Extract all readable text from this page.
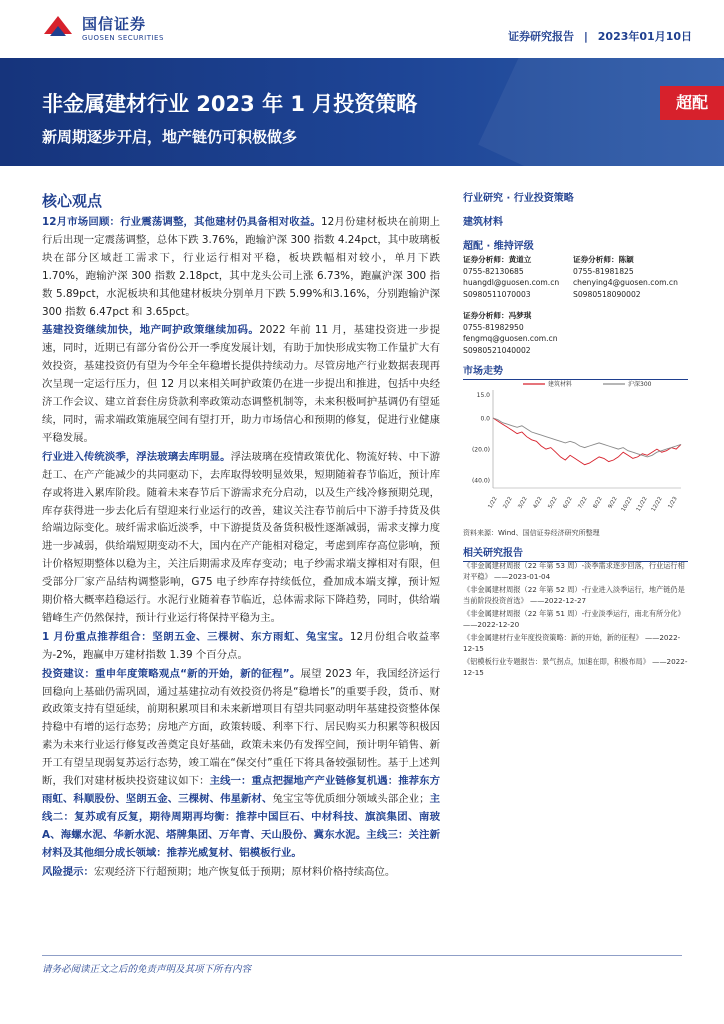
国信证券
GUOSEN SECURITIES	证券研究报告 | 2023年01月10日
非金属建材行业 2023 年 1 月投资策略
新周期逐步开启，地产链仍可积极做多
超配
核心观点

12月市场回顾：行业震荡调整，其他建材仍具备相对收益。12月份建材板块在前期上行后出现一定震荡调整，总体下跌 3.76%，跑输沪深 300 指数 4.24pct，其中玻璃板块在部分区域赶工需求下，行业运行相对平稳，板块跌幅相对较小，单月下跌 1.70%，跑输沪深 300 指数 2.18pct，其中龙头公司上涨 6.73%，跑赢沪深 300 指数 5.89pct，水泥板块和其他建材板块分别单月下跌 5.99%和3.16%，分别跑输沪深300 指数 6.47pct 和 3.65pct。

基建投资继续加快，地产呵护政策继续加码。2022 年前 11 月，基建投资进一步提速，同时，近期已有部分省份公开一季度发展计划，有助于加快形成实物工作量扩大有效投资，基建投资仍有望为今年全年稳增长提供持续动力。尽管房地产行业数据表现再次呈现一定运行压力，但 12 月以来相关呵护政策仍在进一步提出和推进，包括中央经济工作会议、建立首套住房贷款利率政策动态调整机制等，未来积极呵护基调仍有望延续，同时，需求端政策施展空间有望打开，助力市场信心和预期的修复，促进行业健康平稳发展。

行业进入传统淡季，浮法玻璃去库明显。浮法玻璃在疫情政策优化、物流好转、中下游赶工、在产产能减少的共同驱动下，去库取得较明显效果，短期随着春节临近，预计库存或将进入累库阶段。随着未来春节后下游需求充分启动，以及生产线冷修预期兑现，库存获得进一步去化后有望迎来行业运行的改善，建议关注春节前后中下游手持货及供给端边际变化。玻纤需求临近淡季，中下游提货及备货积极性逐渐减弱，需求支撑力度进一步减弱，供给端短期变动不大，国内在产产能相对稳定，考虑到库存高位影响，预计价格短期整体以稳为主，关注后期需求及库存变动；电子纱需求端支撑相对有限，但受部分厂家产品结构调整影响，G75 电子纱库存持续低位，叠加成本端支撑，预计短期价格大概率趋稳运行。水泥行业随着春节临近，总体需求际下降趋势，同时，供给端错峰生产仍然保持，预计行业运行将保持平稳为主。

1 月份重点推荐组合：坚朗五金、三棵树、东方雨虹、兔宝宝。12月份组合收益率为-2%，跑赢申万建材指数 1.39 个百分点。

投资建议：重申年度策略观点“新的开始，新的征程”。展望 2023 年，我国经济运行回稳向上基础仍需巩固，通过基建拉动有效投资仍将是“稳增长”的重要手段，货币、财政政策支持有望延续，前期积累项目和未来新增项目有望共同驱动明年基建投资整体保持稳中有增的运行态势；房地产方面，政策转暖、利率下行、居民购买力积累等积极因素为未来行业运行修复改善奠定良好基础，政策未来仍有发挥空间，预计明年销售、新开工有望呈现弱复苏运行态势，竣工端在“保交付”重任下将具备较强韧性。基于上述判断，我们对建材板块投资建议如下：主线一：重点把握地产产业链修复机遇：推荐东方雨虹、科顺股份、坚朗五金、三棵树、伟星新材、兔宝宝等优质细分领域头部企业；主线二：复苏或有反复，期待周期再均衡：推荐中国巨石、中材科技、旗滨集团、南玻A、海螺水泥、华新水泥、塔牌集团、万年青、天山股份、冀东水泥。主线三：关注新材料及其他细分成长领域：推荐光威复材、铝模板行业。

风险提示：宏观经济下行超预期；地产恢复低于预期；原材料价格持续高位。

行业研究 · 行业投资策略
建筑材料
超配 · 维持评级
证券分析师：黄道立
0755-82130685
huangdl@guosen.com.cn
S0980511070003
证券分析师：陈颖
0755-81981825
chenying4@guosen.com.cn
S0980518090002
证券分析师：冯梦琪
0755-81982950
fengmq@guosen.com.cn
S0980521040002
市场走势
15.0
0.0
(20.0)
(40.0)
1/22 2/22 3/22 4/22 5/22 6/22 7/22 8/22 9/22 10/22 11/22 12/22 1/23
建筑材料	沪深300
资料来源：Wind、国信证券经济研究所整理
相关研究报告
《非金属建材周报（22 年第 53 周）-淡季需求逐步回落，行业运行相对平稳》 ——2023-01-04
《非金属建材周报（22 年第 52 周）-行业进入淡季运行，地产链仍是当前阶段投资首选》 ——2022-12-27
《非金属建材周报（22 年第 51 周）-行业淡季运行，南北有所分化》 ——2022-12-20
《非金属建材行业年度投资策略：新的开始，新的征程》 ——2022-12-15
《铝模板行业专题报告：景气拐点，加速在即，积极布局》 ——2022-12-15
请务必阅读正文之后的免责声明及其项下所有内容
